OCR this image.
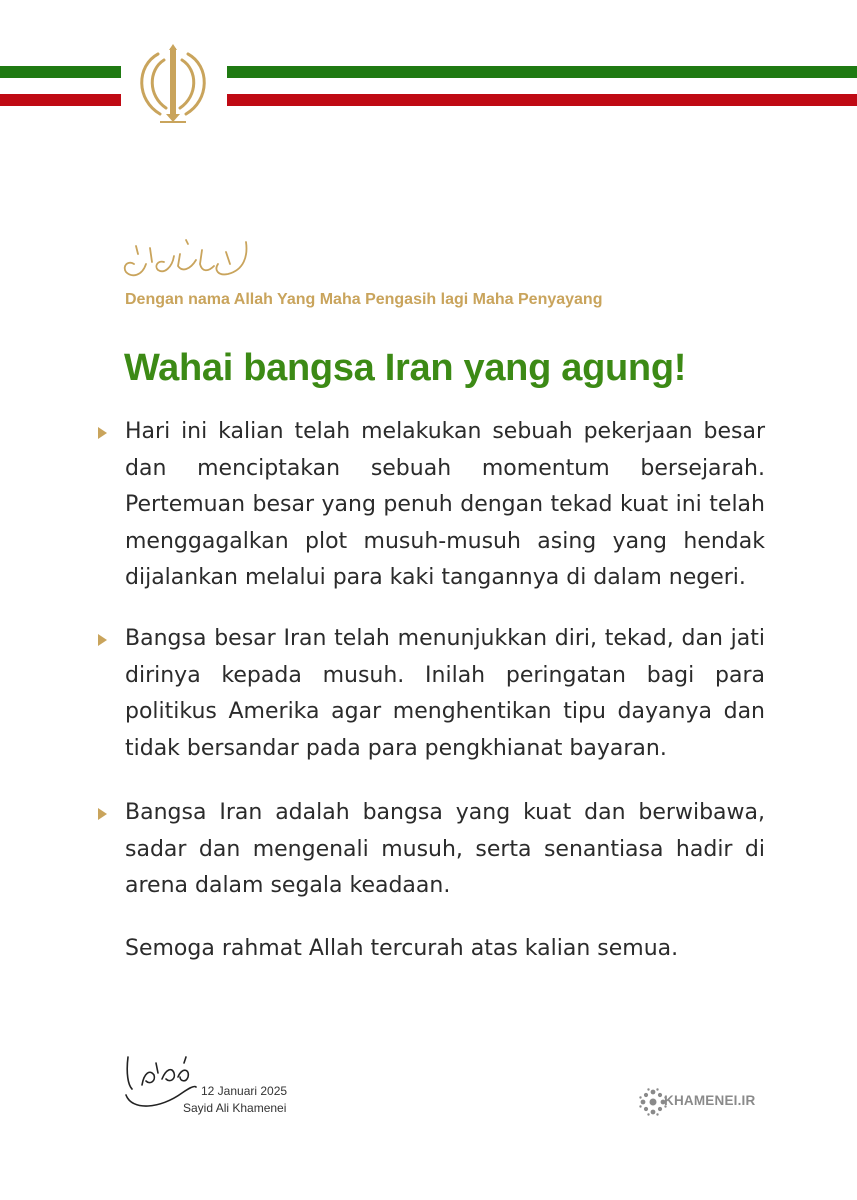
Dengan nama Allah Yang Maha Pengasih lagi Maha Penyayang
Wahai bangsa Iran yang agung!

Hari ini kalian telah melakukan sebuah pekerjaan besar dan menciptakan sebuah momentum bersejarah. Pertemuan besar yang penuh dengan tekad kuat ini telah menggagalkan plot musuh-musuh asing yang hendak dijalankan melalui para kaki tangannya di dalam negeri.

Bangsa besar Iran telah menunjukkan diri, tekad, dan jati dirinya kepada musuh. Inilah peringatan bagi para politikus Amerika agar menghentikan tipu dayanya dan tidak bersandar pada para pengkhianat bayaran.

Bangsa Iran adalah bangsa yang kuat dan berwibawa, sadar dan mengenali musuh, serta senantiasa hadir di arena dalam segala keadaan.

Semoga rahmat Allah tercurah atas kalian semua.
12 Januari 2025
Sayid Ali Khamenei	KHAMENEI.IR
